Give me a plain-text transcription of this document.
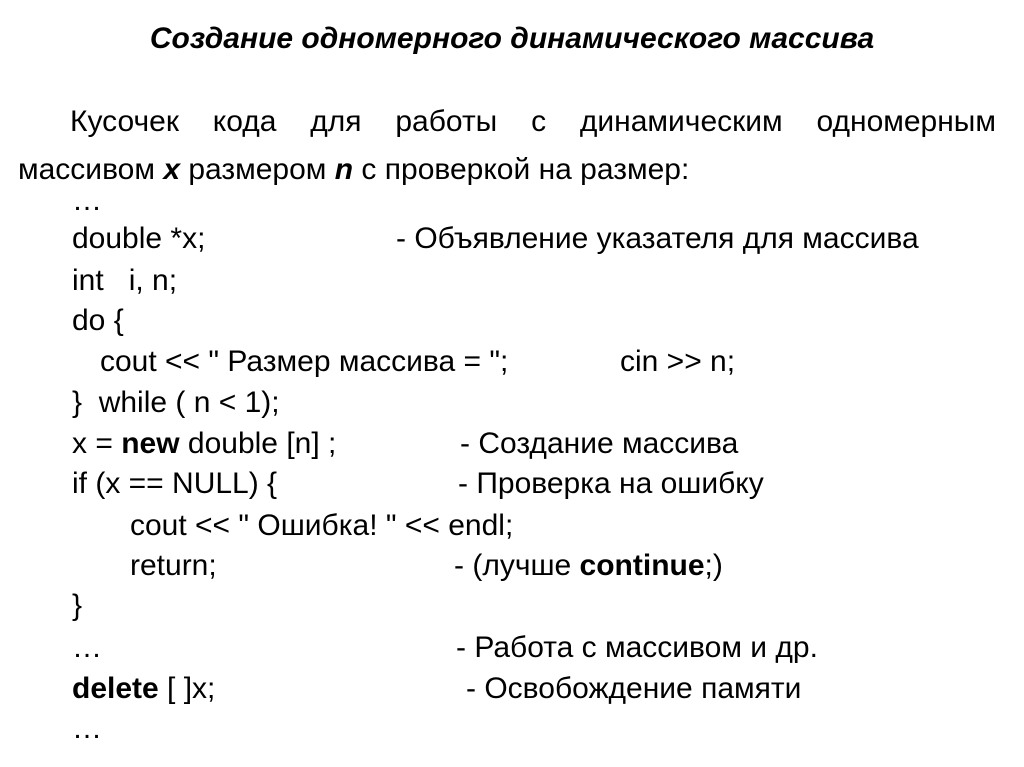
Создание одномерного динамического массива
Кусочек кода для работы с динамическим одномерным
массивом x размером n с проверкой на размер:
…
double *x;	- Объявление указателя для массива
int   i, n;
do {
cout << " Размер массива = ";	cin >> n;
}  while ( n < 1);
x = new double [n] ;	- Создание массива
if (x == NULL) {	- Проверка на ошибку
cout << " Ошибка! " << endl;
return;	- (лучше continue;)
}
…	- Работа с массивом и др.
delete [ ]x;	- Освобождение памяти
…
